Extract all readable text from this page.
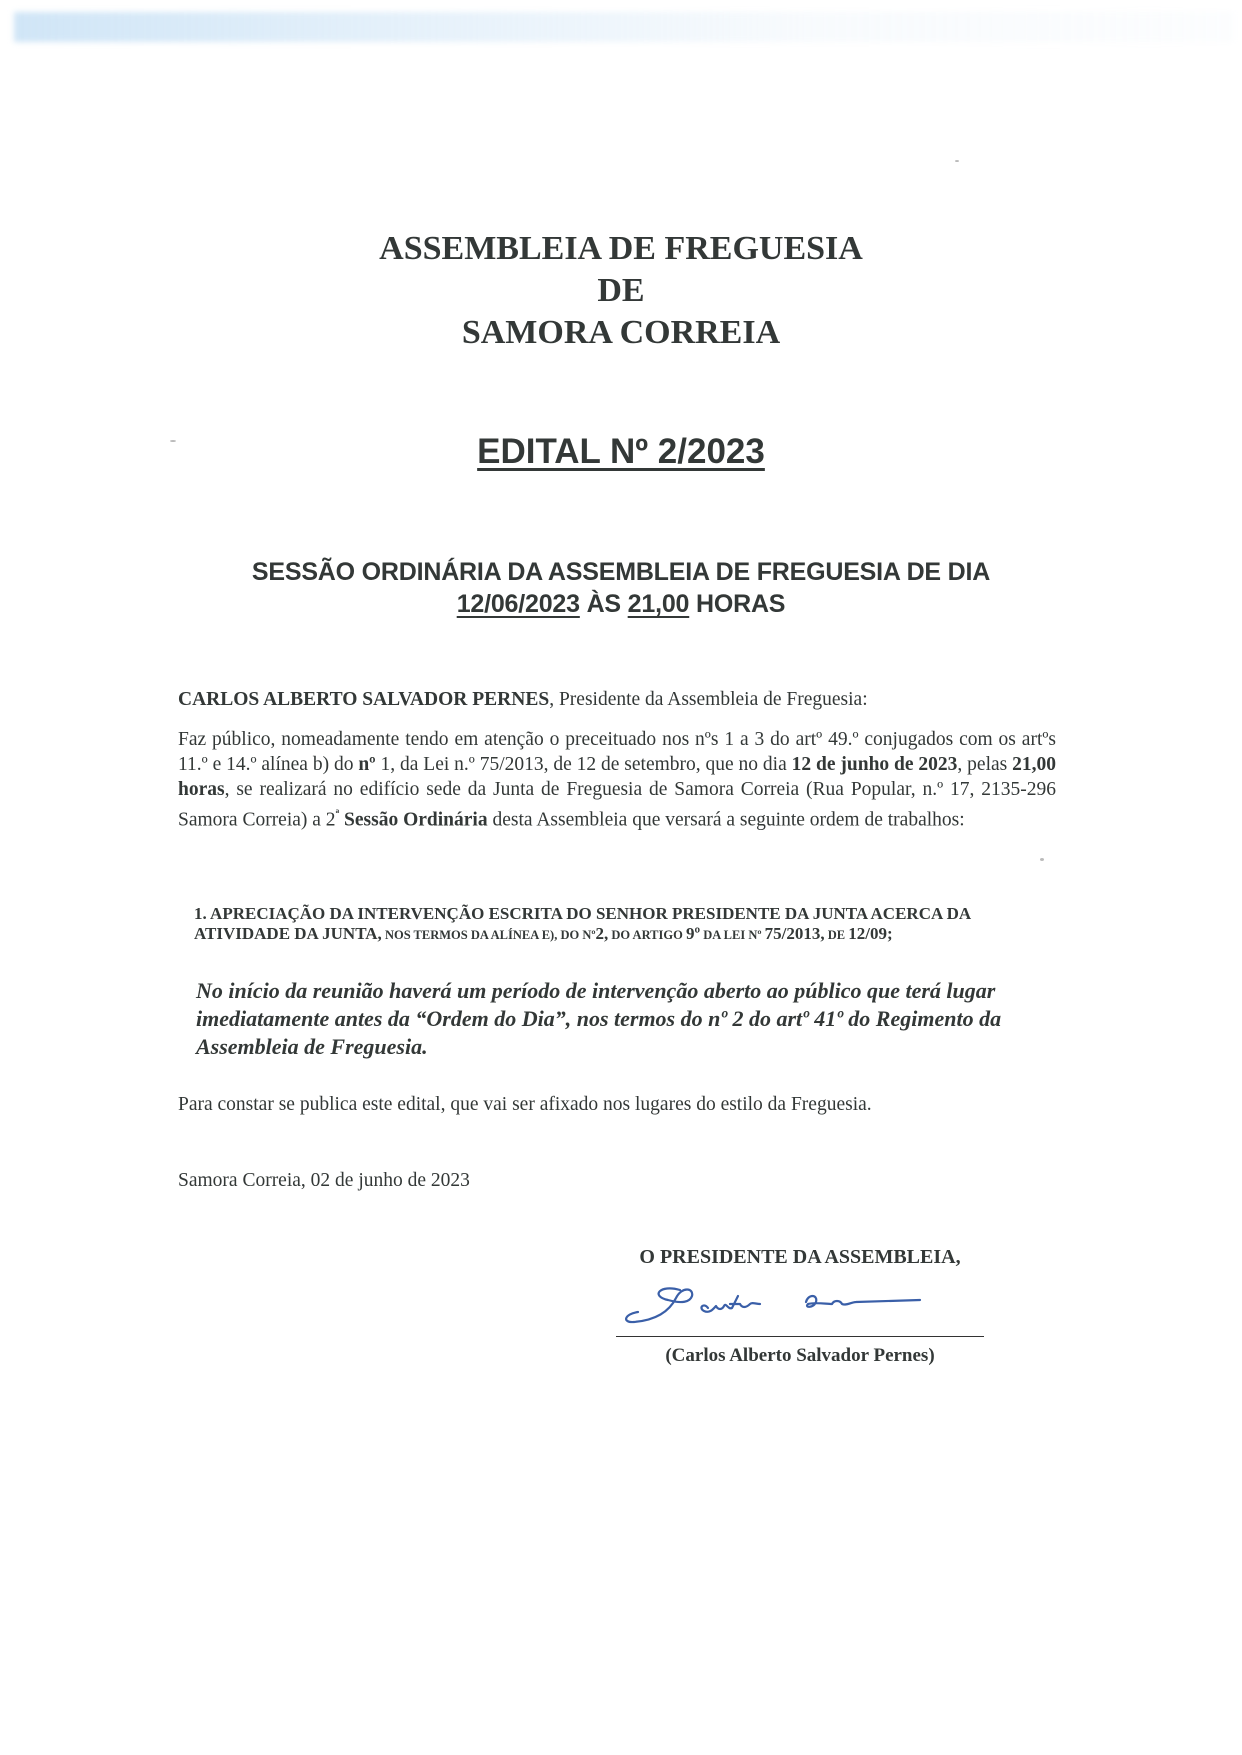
ASSEMBLEIA DE FREGUESIA
DE
SAMORA CORREIA
EDITAL Nº 2/2023
SESSÃO ORDINÁRIA DA ASSEMBLEIA DE FREGUESIA DE DIA
12/06/2023 ÀS 21,00 HORAS
CARLOS ALBERTO SALVADOR PERNES, Presidente da Assembleia de Freguesia:
Faz público, nomeadamente tendo em atenção o preceituado nos nºs 1 a 3 do artº 49.º conjugados com os artºs 11.º e 14.º alínea b) do nº 1, da Lei n.º 75/2013, de 12 de setembro, que no dia 12 de junho de 2023, pelas 21,00 horas, se realizará no edifício sede da Junta de Freguesia de Samora Correia (Rua Popular, n.º 17, 2135-296 Samora Correia) a $2^ª$ Sessão Ordinária desta Assembleia que versará a seguinte ordem de trabalhos:
1. APRECIAÇÃO DA INTERVENÇÃO ESCRITA DO SENHOR PRESIDENTE DA JUNTA ACERCA DA ATIVIDADE DA JUNTA, NOS TERMOS DA ALÍNEA E), DO Nº2, DO ARTIGO 9º DA LEI Nº 75/2013, DE 12/09;
No início da reunião haverá um período de intervenção aberto ao público que terá lugar imediatamente antes da “Ordem do Dia”, nos termos do nº 2 do artº 41º do Regimento da Assembleia de Freguesia.
Para constar se publica este edital, que vai ser afixado nos lugares do estilo da Freguesia.
Samora Correia, 02 de junho de 2023
O PRESIDENTE DA ASSEMBLEIA,
(Carlos Alberto Salvador Pernes)
